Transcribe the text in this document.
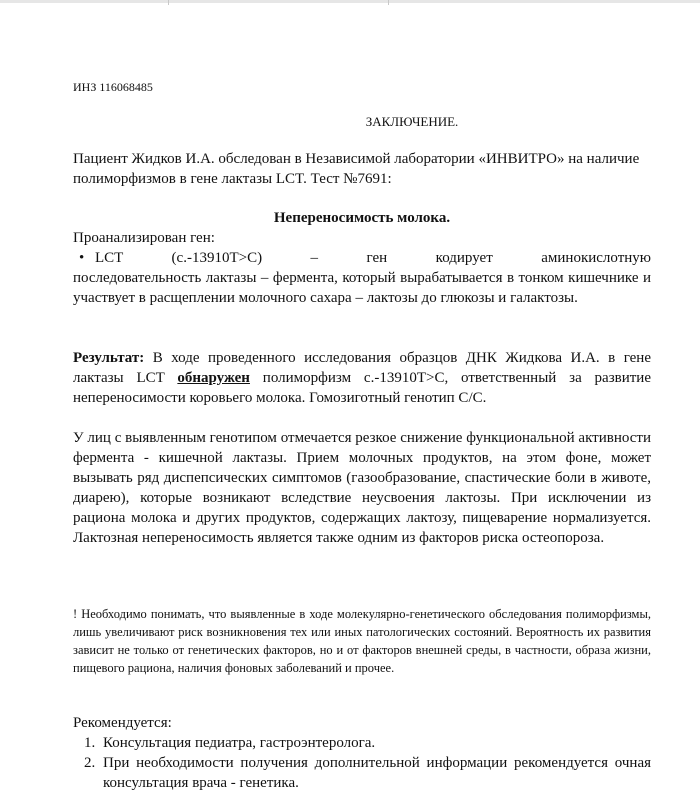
ИНЗ 116068485

ЗАКЛЮЧЕНИЕ.

Пациент Жидков И.А. обследован в Независимой лаборатории «ИНВИТРО» на наличие полиморфизмов в гене лактазы LCT. Тест №7691:

Непереносимость молока.

Проанализирован ген:

• LCT (с.-13910T>C) – ген кодирует аминокислотную

последовательность лактазы – фермента, который вырабатывается в тонком кишечнике и участвует в расщеплении молочного сахара – лактозы до глюкозы и галактозы.

Результат: В ходе проведенного исследования образцов ДНК Жидкова И.А. в гене лактазы LCT обнаружен полиморфизм с.-13910T>C, ответственный за развитие непереносимости коровьего молока. Гомозиготный генотип С/С.

У лиц с выявленным генотипом отмечается резкое снижение функциональной активности фермента - кишечной лактазы. Прием молочных продуктов, на этом фоне, может вызывать ряд диспепсических симптомов (газообразование, спастические боли в животе, диарею), которые возникают вследствие неусвоения лактозы. При исключении из рациона молока и других продуктов, содержащих лактозу, пищеварение нормализуется. Лактозная непереносимость является также одним из факторов риска остеопороза.

! Необходимо понимать, что выявленные в ходе молекулярно-генетического обследования полиморфизмы, лишь увеличивают риск возникновения тех или иных патологических состояний. Вероятность их развития зависит не только от генетических факторов, но и от факторов внешней среды, в частности, образа жизни, пищевого рациона, наличия фоновых заболеваний и прочее.

Рекомендуется:

1. Консультация педиатра, гастроэнтеролога.
2. При необходимости получения дополнительной информации рекомендуется очная консультация врача - генетика.
